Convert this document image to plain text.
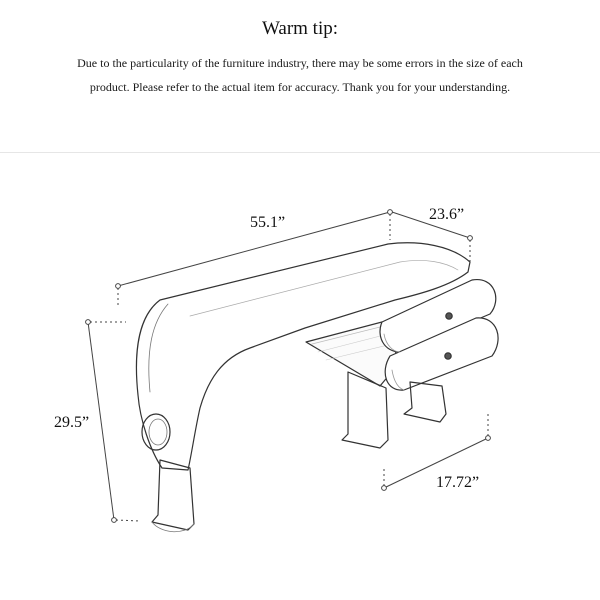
Warm tip:
Due to the particularity of the furniture industry, there may be some errors in the size of each
product. Please refer to the actual item for accuracy. Thank you for your understanding.
55.1”	23.6”
29.5”
17.72”
